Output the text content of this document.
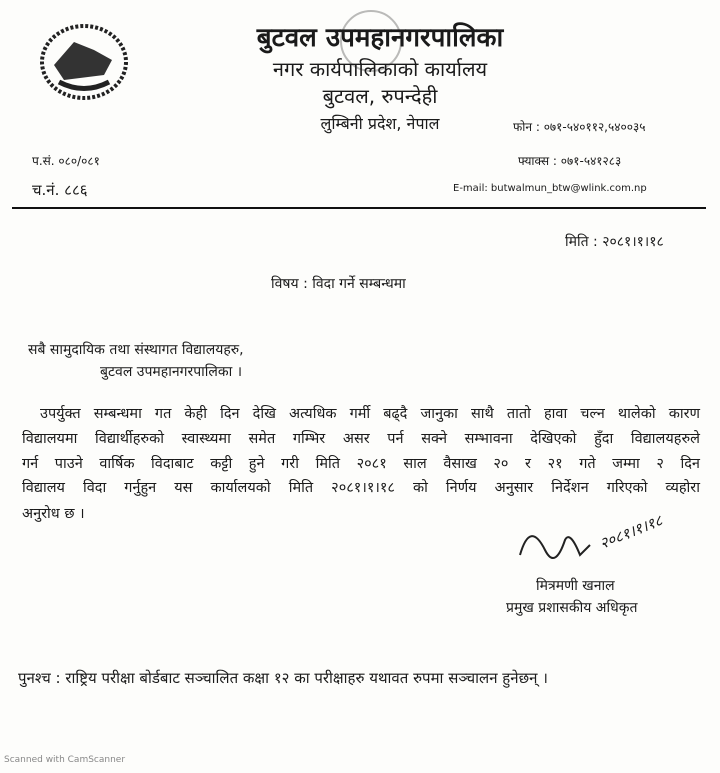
बुटवल उपमहानगरपालिका
नगर कार्यपालिकाको कार्यालय
बुटवल, रुपन्देही
लुम्बिनी प्रदेश, नेपाल	फोन : ०७१-५४०११२,५४००३५
फ्याक्स : ०७१-५४१२८३
E-mail: butwalmun_btw@wlink.com.np
प.सं. ०८०/०८१
च.नं. ८८६
मिति : २०८१।१।१८
विषय : विदा गर्ने सम्बन्धमा
सबै सामुदायिक तथा संस्थागत विद्यालयहरु,
बुटवल उपमहानगरपालिका ।
उपर्युक्त सम्बन्धमा गत केही दिन देखि अत्यधिक गर्मी बढ्दै जानुका साथै तातो हावा चल्न थालेको कारण
विद्यालयमा विद्यार्थीहरुको स्वास्थ्यमा समेत गम्भिर असर पर्न सक्ने सम्भावना देखिएको हुँदा विद्यालयहरुले
गर्न पाउने वार्षिक विदाबाट कट्टी हुने गरी मिति २०८१ साल वैसाख २० र २१ गते जम्मा २ दिन
विद्यालय विदा गर्नुहुन यस कार्यालयको मिति २०८१।१।१८ को निर्णय अनुसार निर्देशन गरिएको व्यहोरा
अनुरोध छ ।	२०८१।१।१८
मित्रमणी खनाल
प्रमुख प्रशासकीय अधिकृत
पुनश्च : राष्ट्रिय परीक्षा बोर्डबाट सञ्चालित कक्षा १२ का परीक्षाहरु यथावत रुपमा सञ्चालन हुनेछन् ।
Scanned with CamScanner
